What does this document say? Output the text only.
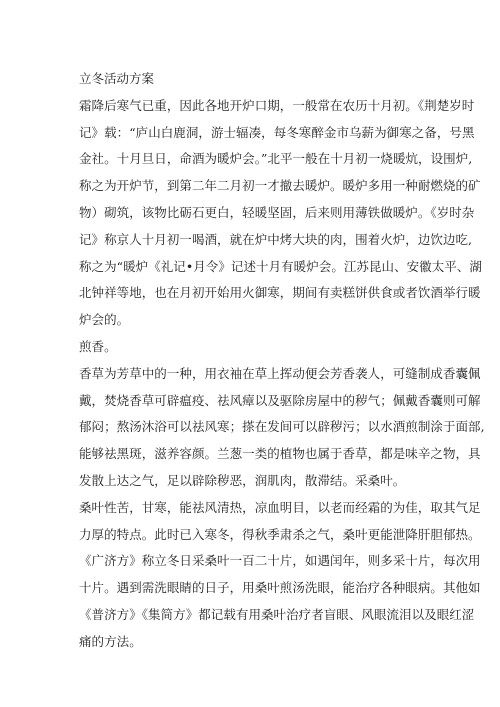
立冬活动方案
霜降后寒气已重，因此各地开炉口期，一般常在农历十月初。《荆楚岁时
记》载：“庐山白鹿洞，游士辐凑，每冬寒醉金市乌薪为御寒之备，号黑
金社。十月旦日，命酒为暖炉会。”北平一般在十月初一烧暖炕，设围炉,
称之为开炉节，到第二年二月初一才撤去暖炉。暖炉多用一种耐燃烧的矿
物）砌筑，该物比砺石更白，轻暖坚固，后来则用薄铁做暖炉。《岁时杂
记》称京人十月初一喝酒，就在炉中烤大块的肉，围着火炉，边饮边吃,
称之为“暖炉《礼记•月令》记述十月有暖炉会。江苏昆山、安徽太平、湖
北钟祥等地，也在月初开始用火御寒，期间有卖糕饼供食或者饮酒举行暖
炉会的。
煎香。
香草为芳草中的一种，用衣袖在草上挥动便会芳香袭人，可缝制成香囊佩
戴，焚烧香草可辟瘟疫、祛风瘴以及驱除房屋中的秽气；佩戴香囊则可解
郁闷；熬汤沐浴可以祛风寒；搽在发间可以辟秽污；以水酒煎制涂于面部,
能够祛黑斑，滋养容颜。兰葱一类的植物也属于香草，都是味辛之物，具
发散上达之气，足以辟除秽恶，润肌肉，散滞结。采桑叶。
桑叶性苦，甘寒，能祛风清热，凉血明目，以老而经霜的为佳，取其气足
力厚的特点。此时已入寒冬，得秋季肃杀之气，桑叶更能泄降肝胆郁热。
《广济方》称立冬日采桑叶一百二十片，如遇闰年，则多采十片，每次用
十片。遇到需洗眼睛的日子，用桑叶煎汤洗眼，能治疗各种眼病。其他如
《普济方》《集简方》都记载有用桑叶治疗者盲眼、风眼流泪以及眼红涩
痛的方法。
